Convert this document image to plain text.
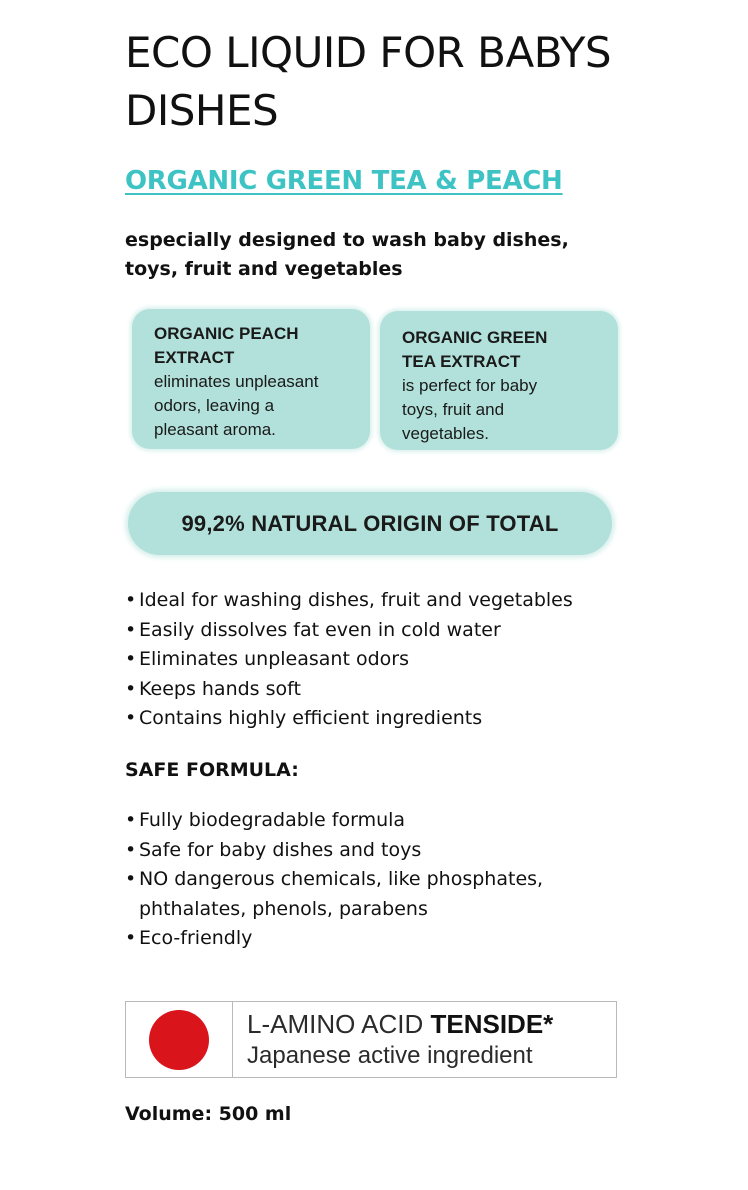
ECO LIQUID FOR BABYS DISHES
ORGANIC GREEN TEA & PEACH
especially designed to wash baby dishes, toys, fruit and vegetables
ORGANIC PEACH
EXTRACT
eliminates unpleasant
odors, leaving a
pleasant aroma.
ORGANIC GREEN
TEA EXTRACT
is perfect for baby
toys, fruit and
vegetables.
99,2% NATURAL ORIGIN OF TOTAL
• Ideal for washing dishes, fruit and vegetables
• Easily dissolves fat even in cold water
• Eliminates unpleasant odors
• Keeps hands soft
• Contains highly efficient ingredients
SAFE FORMULA:
• Fully biodegradable formula
• Safe for baby dishes and toys
• NO dangerous chemicals, like phosphates, phthalates, phenols, parabens
• Eco-friendly
L-AMINO ACID TENSIDE*
Japanese active ingredient
Volume: 500 ml
